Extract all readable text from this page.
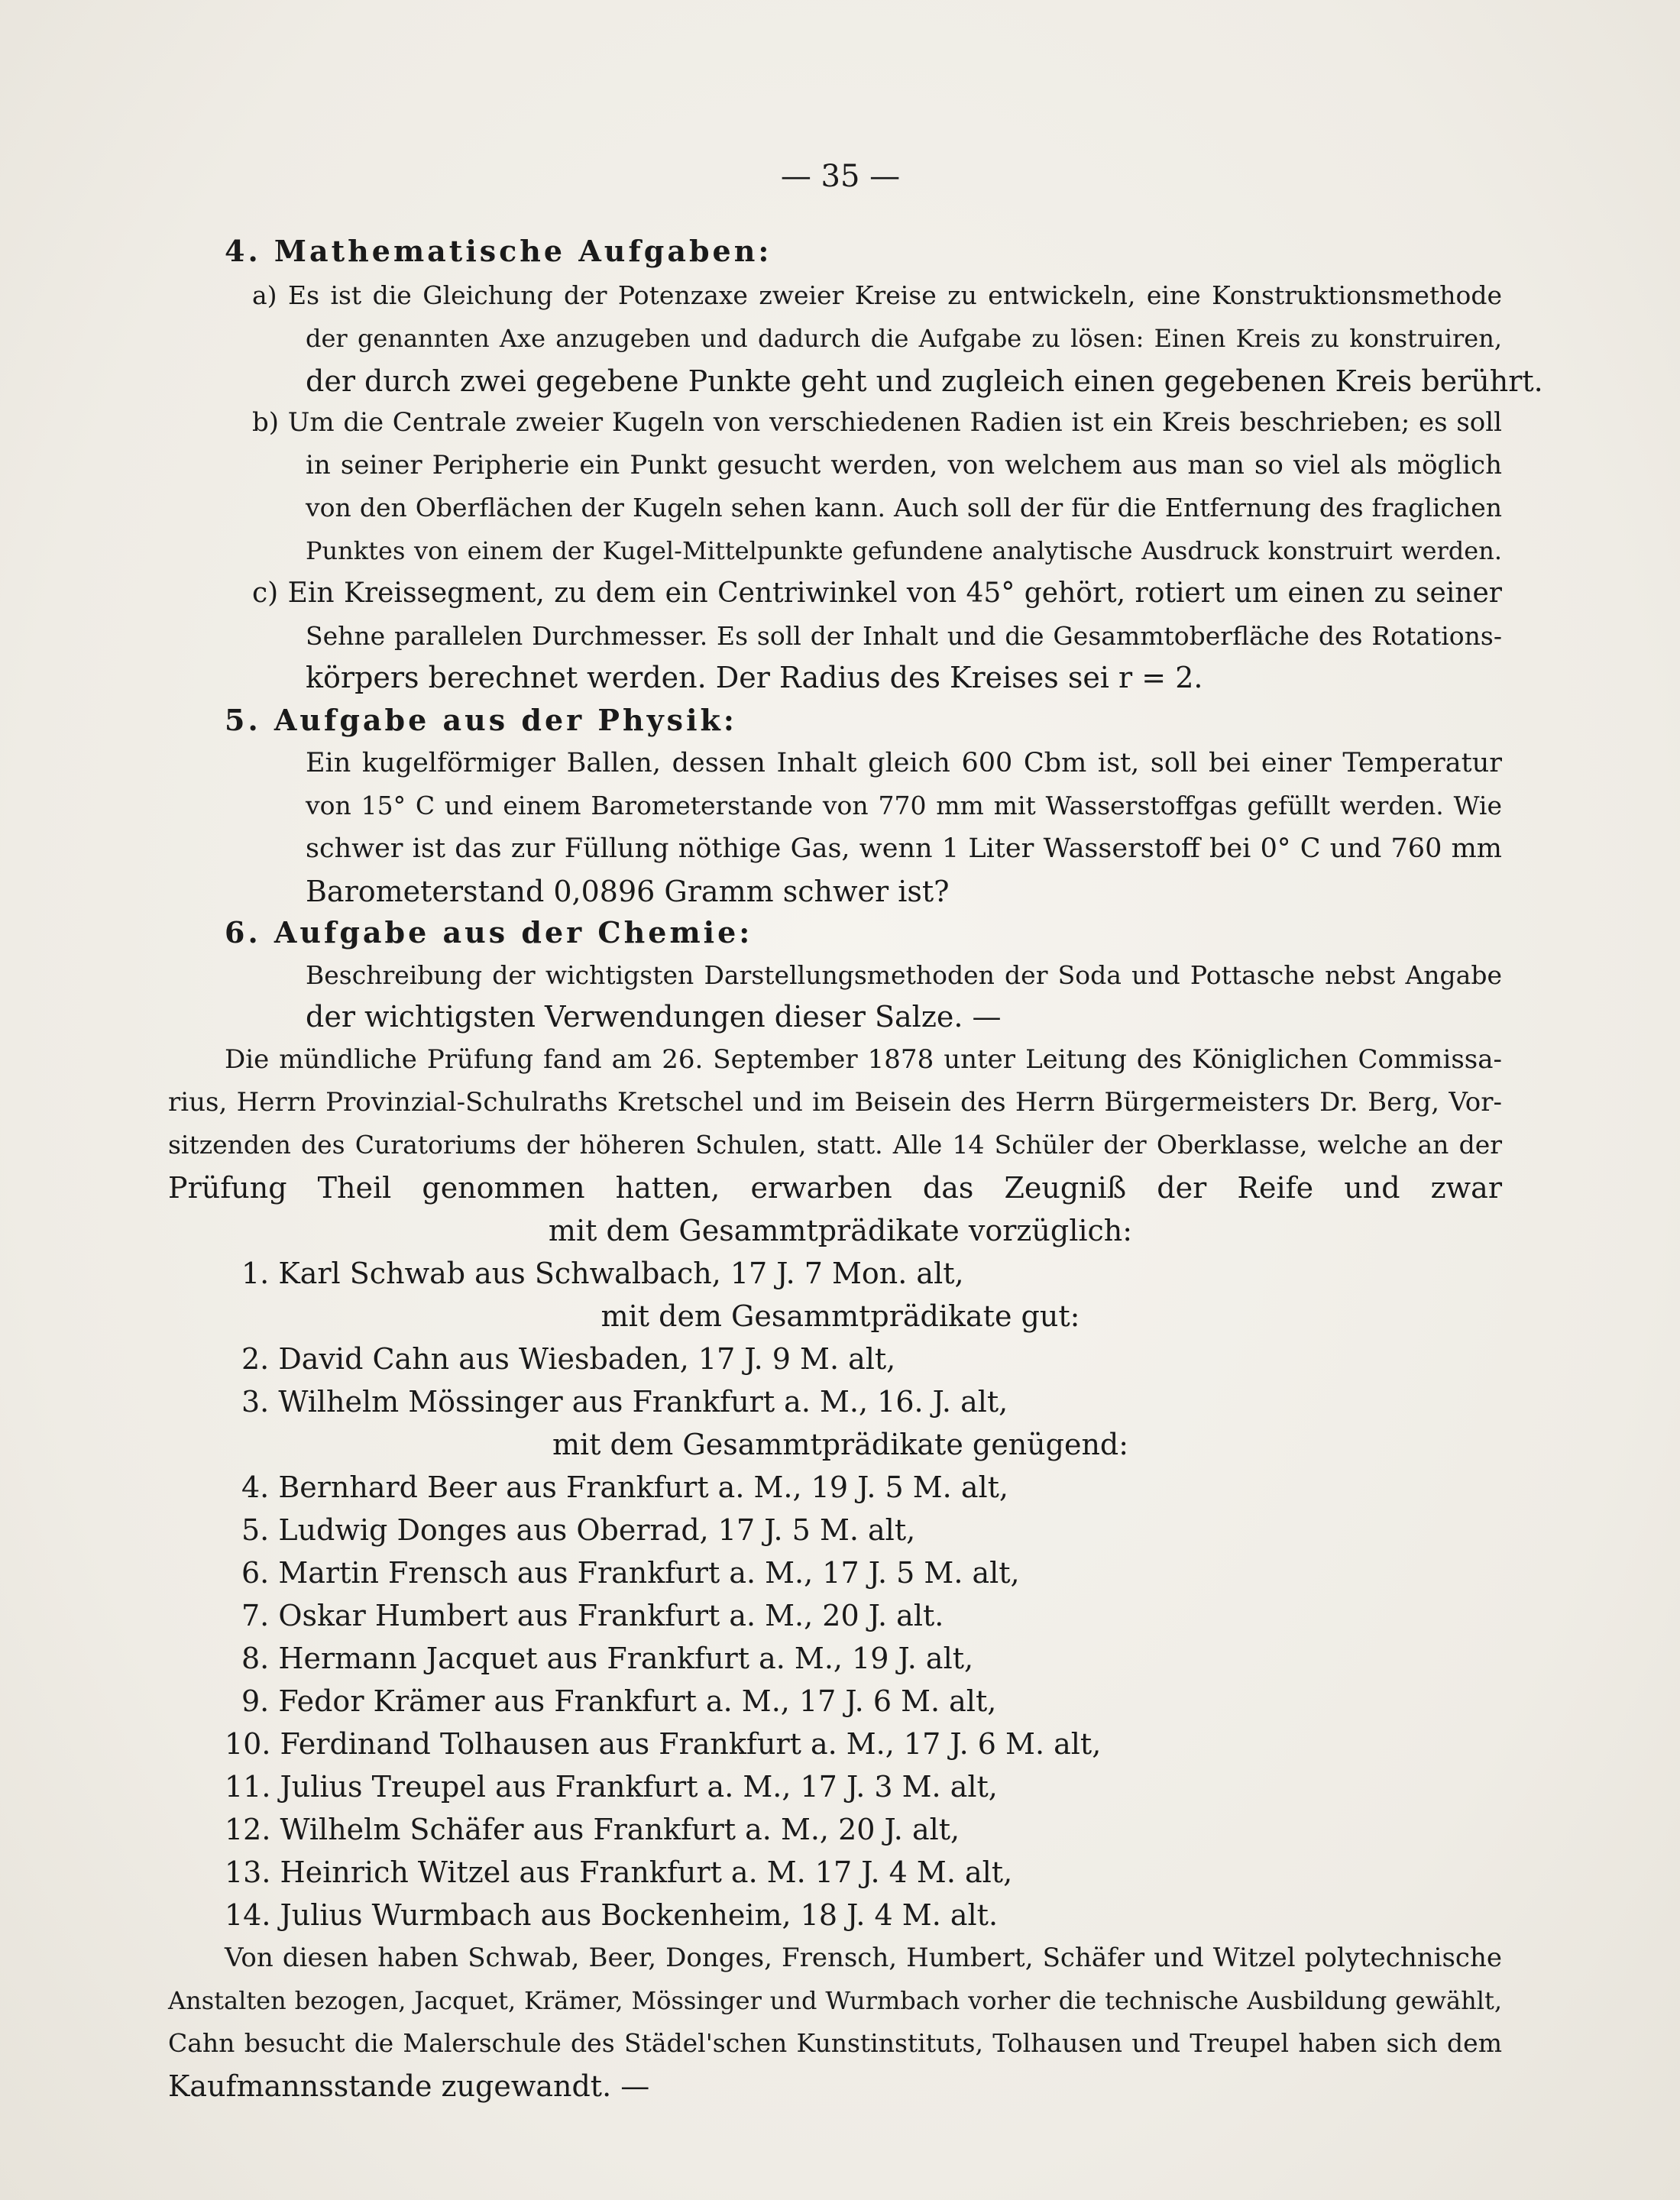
— 35 —
4. Mathematische Aufgaben:
a) Es ist die Gleichung der Potenzaxe zweier Kreise zu entwickeln, eine Konstruktionsmethode
der genannten Axe anzugeben und dadurch die Aufgabe zu lösen: Einen Kreis zu konstruiren,
der durch zwei gegebene Punkte geht und zugleich einen gegebenen Kreis berührt.
b) Um die Centrale zweier Kugeln von verschiedenen Radien ist ein Kreis beschrieben; es soll
in seiner Peripherie ein Punkt gesucht werden, von welchem aus man so viel als möglich
von den Oberflächen der Kugeln sehen kann. Auch soll der für die Entfernung des fraglichen
Punktes von einem der Kugel-Mittelpunkte gefundene analytische Ausdruck konstruirt werden.
c) Ein Kreissegment, zu dem ein Centriwinkel von 45° gehört, rotiert um einen zu seiner
Sehne parallelen Durchmesser. Es soll der Inhalt und die Gesammtoberfläche des Rotations-
körpers berechnet werden. Der Radius des Kreises sei r = 2.
5. Aufgabe aus der Physik:
Ein kugelförmiger Ballen, dessen Inhalt gleich 600 Cbm ist, soll bei einer Temperatur
von 15° C und einem Barometerstande von 770 mm mit Wasserstoffgas gefüllt werden. Wie
schwer ist das zur Füllung nöthige Gas, wenn 1 Liter Wasserstoff bei 0° C und 760 mm
Barometerstand 0,0896 Gramm schwer ist?
6. Aufgabe aus der Chemie:
Beschreibung der wichtigsten Darstellungsmethoden der Soda und Pottasche nebst Angabe
der wichtigsten Verwendungen dieser Salze. —
Die mündliche Prüfung fand am 26. September 1878 unter Leitung des Königlichen Commissa-
rius, Herrn Provinzial-Schulraths Kretschel und im Beisein des Herrn Bürgermeisters Dr. Berg, Vor-
sitzenden des Curatoriums der höheren Schulen, statt. Alle 14 Schüler der Oberklasse, welche an der
Prüfung Theil genommen hatten, erwarben das Zeugniß der Reife und zwar
mit dem Gesammtprädikate vorzüglich:
1. Karl Schwab aus Schwalbach, 17 J. 7 Mon. alt,
mit dem Gesammtprädikate gut:
2. David Cahn aus Wiesbaden, 17 J. 9 M. alt,
3. Wilhelm Mössinger aus Frankfurt a. M., 16. J. alt,
mit dem Gesammtprädikate genügend:
4. Bernhard Beer aus Frankfurt a. M., 19 J. 5 M. alt,
5. Ludwig Donges aus Oberrad, 17 J. 5 M. alt,
6. Martin Frensch aus Frankfurt a. M., 17 J. 5 M. alt,
7. Oskar Humbert aus Frankfurt a. M., 20 J. alt.
8. Hermann Jacquet aus Frankfurt a. M., 19 J. alt,
9. Fedor Krämer aus Frankfurt a. M., 17 J. 6 M. alt,
10. Ferdinand Tolhausen aus Frankfurt a. M., 17 J. 6 M. alt,
11. Julius Treupel aus Frankfurt a. M., 17 J. 3 M. alt,
12. Wilhelm Schäfer aus Frankfurt a. M., 20 J. alt,
13. Heinrich Witzel aus Frankfurt a. M. 17 J. 4 M. alt,
14. Julius Wurmbach aus Bockenheim, 18 J. 4 M. alt.
Von diesen haben Schwab, Beer, Donges, Frensch, Humbert, Schäfer und Witzel polytechnische
Anstalten bezogen, Jacquet, Krämer, Mössinger und Wurmbach vorher die technische Ausbildung gewählt,
Cahn besucht die Malerschule des Städel'schen Kunstinstituts, Tolhausen und Treupel haben sich dem
Kaufmannsstande zugewandt. —
